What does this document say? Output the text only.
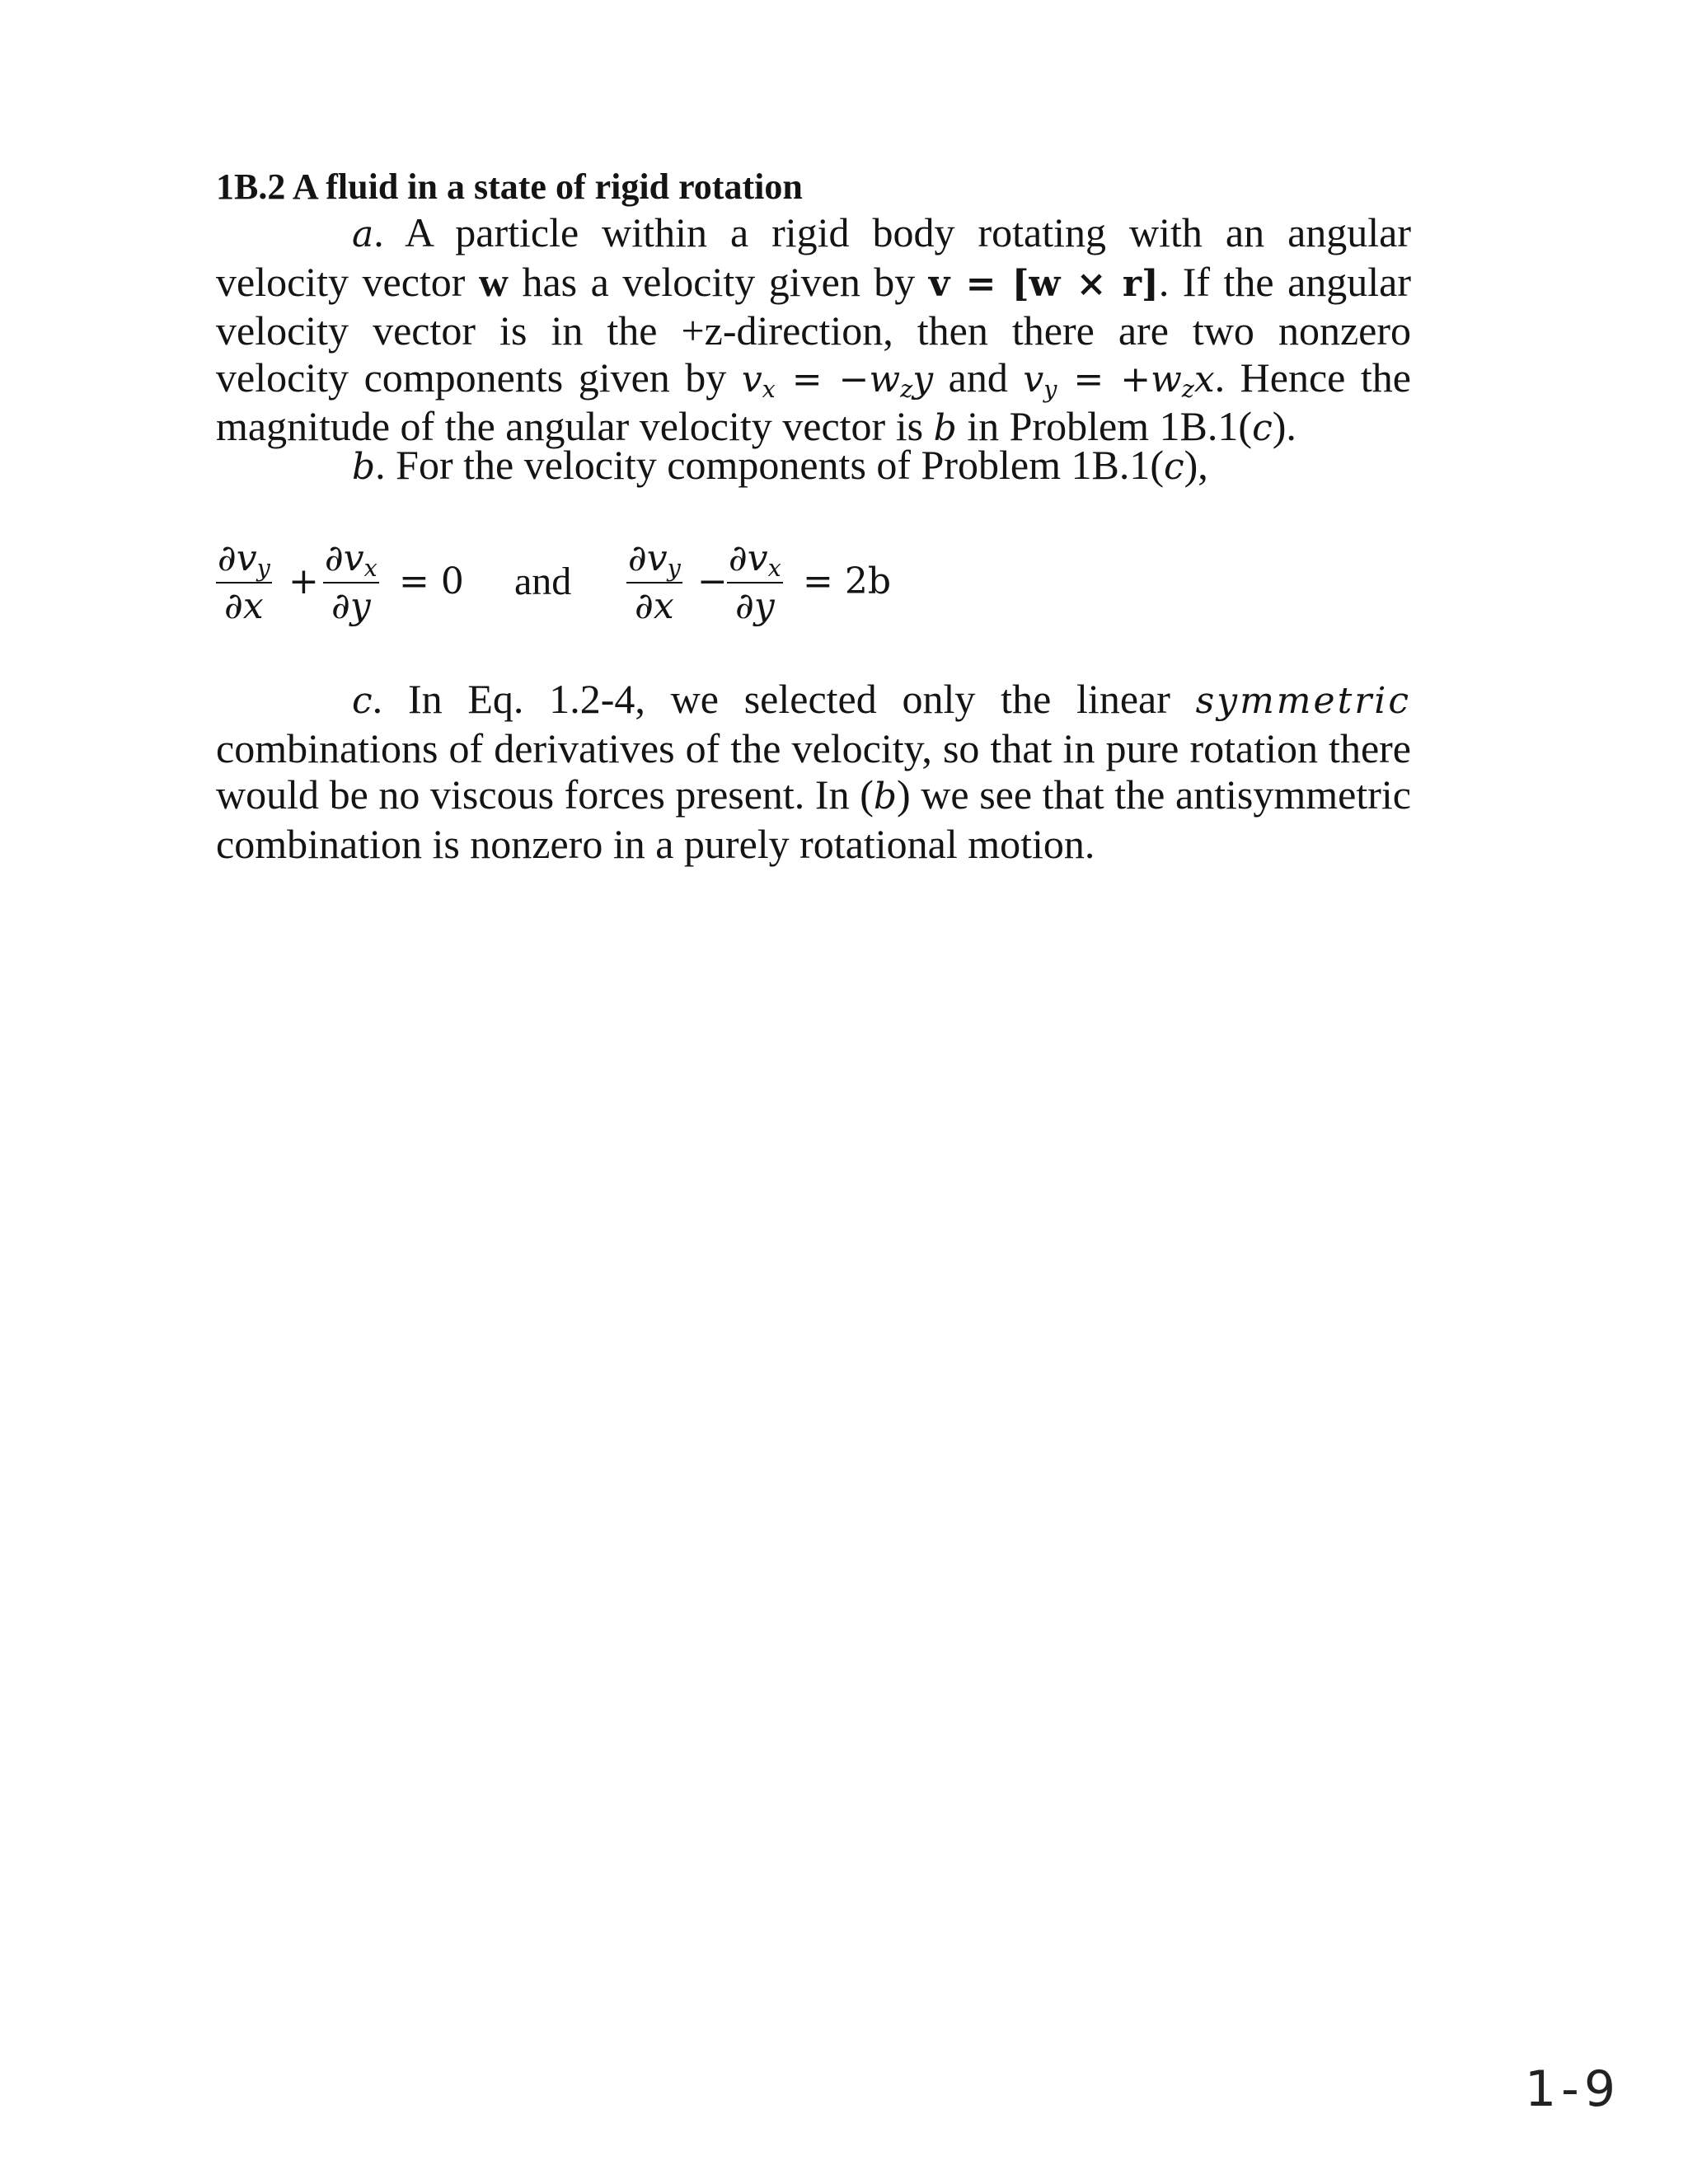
1B.2 A fluid in a state of rigid rotation
a. A particle within a rigid body rotating with an angular velocity vector w has a velocity given by v = [w × r]. If the angular velocity vector is in the +z-direction, then there are two nonzero velocity components given by $v_x = -w_zy$ and $v_y = +w_zx$. Hence the magnitude of the angular velocity vector is b in Problem 1B.1(c).
b. For the velocity components of Problem 1B.1(c),
$\frac{\partial v_y}{\partial x} + \frac{\partial v_x}{\partial y} = 0$ and $\frac{\partial v_y}{\partial x} - \frac{\partial v_x}{\partial y} = 2b$
c. In Eq. 1.2-4, we selected only the linear symmetric combinations of derivatives of the velocity, so that in pure rotation there would be no viscous forces present. In (b) we see that the antisymmetric combination is nonzero in a purely rotational motion.
1-9
